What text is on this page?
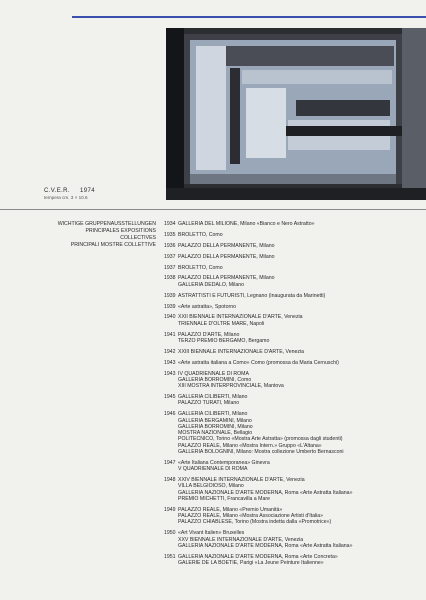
C.V.E.R. 1974
tempera cm. 3 × 10.6
WICHTIGE GRUPPENAUSSTELLUNGEN
PRINCIPALES EXPOSITIONS
COLLECTIVES
PRINCIPALI MOSTRE COLLETTIVE
1934 GALLERIA DEL MILIONE, Milano «Bianco e Nero Astratto»
1935 BROLETTO, Como
1936 PALAZZO DELLA PERMANENTE, Milano
1937 PALAZZO DELLA PERMANENTE, Milano
1937 BROLETTO, Como
1938 PALAZZO DELLA PERMANENTE, Milano
GALLERIA DEDALO, Milano
1939 ASTRATTISTI E FUTURISTI, Legnano (inaugurata da Marinetti)
1939 «Arte astratta», Spotorno
1940 XXII BIENNALE INTERNAZIONALE D'ARTE, Venezia
TRIENNALE D'OLTRE MARE, Napoli
1941 PALAZZO D'ARTE, Milano
TERZO PREMIO BERGAMO, Bergamo
1942 XXIII BIENNALE INTERNAZIONALE D'ARTE, Venezia
1943 «Arte astratta italiana a Como» Como (promossa da Maria Cernuschi)
1943 IV QUADRIENNALE DI ROMA
GALLERIA BORROMINI, Como
XIII MOSTRA INTERPROVINCIALE, Mantova
1945 GALLERIA CILIBERTI, Milano
PALAZZO TURATI, Milano
1946 GALLERIA CILIBERTI, Milano
GALLERIA BERGAMINI, Milano
GALLERIA BORROMINI, Milano
MOSTRA NAZIONALE, Bellagio
POLITECNICO, Torino «Mostra Arte Astratta» (promossa dagli studenti)
PALAZZO REALE, Milano «Mostra Intern.» Gruppo «L'Altana»
GALLERIA BOLOGNINI, Milano: Mostra collezione Umberto Bernasconi
1947 «Arte Italiana Contemporanea» Ginevra
V QUADRIENNALE DI ROMA
1948 XXIV BIENNALE INTERNAZIONALE D'ARTE, Venezia
VILLA BELGIOIOSO, Milano
GALLERIA NAZIONALE D'ARTE MODERNA, Roma «Arte Astratta Italiana»
PREMIO MICHETTI, Francavilla a Mare
1949 PALAZZO REALE, Milano «Premio Umanità»
PALAZZO REALE, Milano «Mostra Associazione Artisti d'Italia»
PALAZZO CHIABLESE, Torino (Mostra indetta dalla «Promotrice»)
1950 «Art Vivant Italien» Bruxelles
XXV BIENNALE INTERNAZIONALE D'ARTE, Venezia
GALLERIA NAZIONALE D'ARTE MODERNA, Roma «Arte Astratta Italiana»
1951 GALLERIA NAZIONALE D'ARTE MODERNA, Roma «Arte Concreta»
GALERIE DE LA BOETIE, Parigi «La Jeune Peinture Italienne»
